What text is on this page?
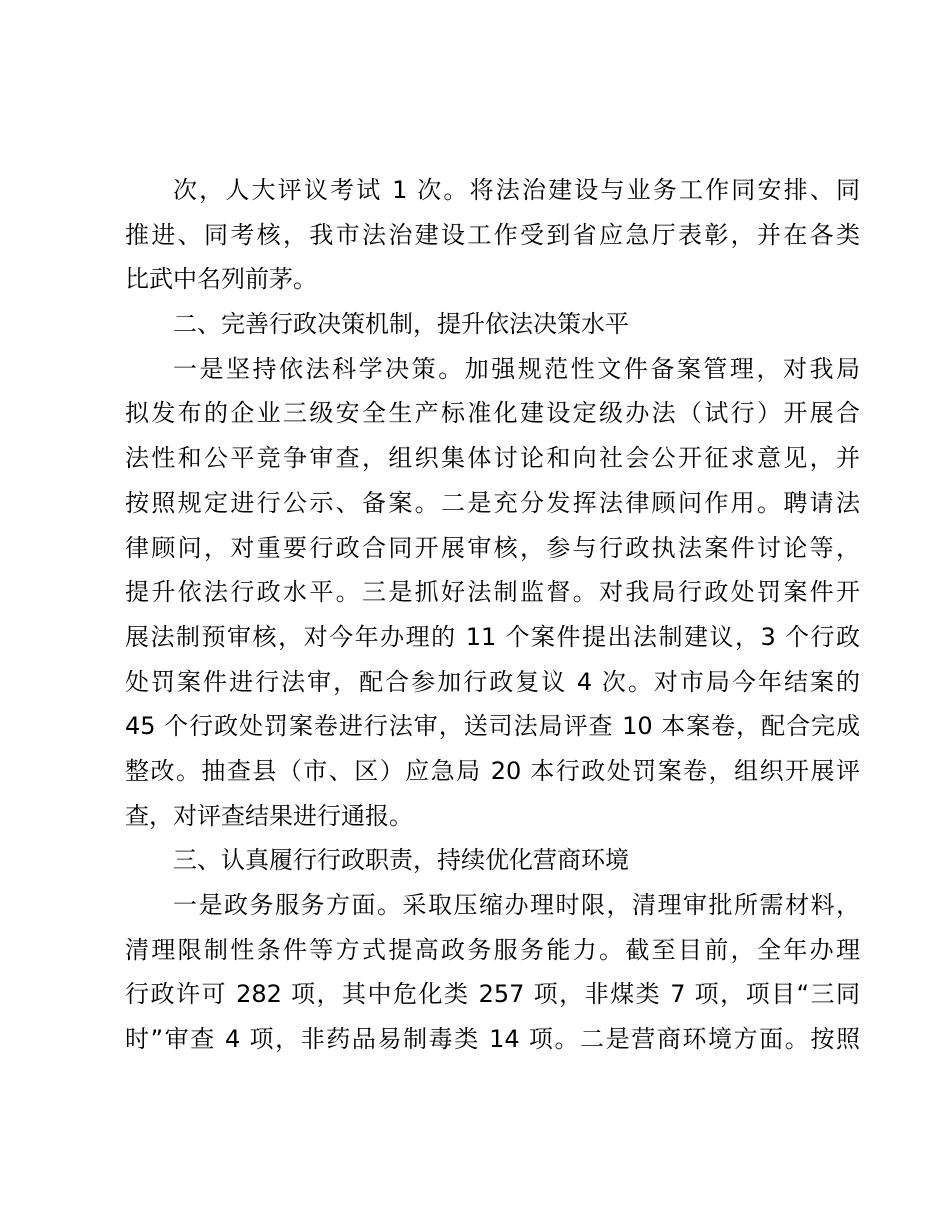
次，人大评议考试 1 次。将法治建设与业务工作同安排、同
推进、同考核，我市法治建设工作受到省应急厅表彰，并在各类
比武中名列前茅。
二、完善行政决策机制，提升依法决策水平
一是坚持依法科学决策。加强规范性文件备案管理，对我局
拟发布的企业三级安全生产标准化建设定级办法（试行）开展合
法性和公平竞争审查，组织集体讨论和向社会公开征求意见，并
按照规定进行公示、备案。二是充分发挥法律顾问作用。聘请法
律顾问，对重要行政合同开展审核，参与行政执法案件讨论等，
提升依法行政水平。三是抓好法制监督。对我局行政处罚案件开
展法制预审核，对今年办理的 11 个案件提出法制建议，3 个行政
处罚案件进行法审，配合参加行政复议 4 次。对市局今年结案的
45 个行政处罚案卷进行法审，送司法局评查 10 本案卷，配合完成
整改。抽查县（市、区）应急局 20 本行政处罚案卷，组织开展评
查，对评查结果进行通报。
三、认真履行行政职责，持续优化营商环境
一是政务服务方面。采取压缩办理时限，清理审批所需材料，
清理限制性条件等方式提高政务服务能力。截至目前，全年办理
行政许可 282 项，其中危化类 257 项，非煤类 7 项，项目“三同
时”审查 4 项，非药品易制毒类 14 项。二是营商环境方面。按照
